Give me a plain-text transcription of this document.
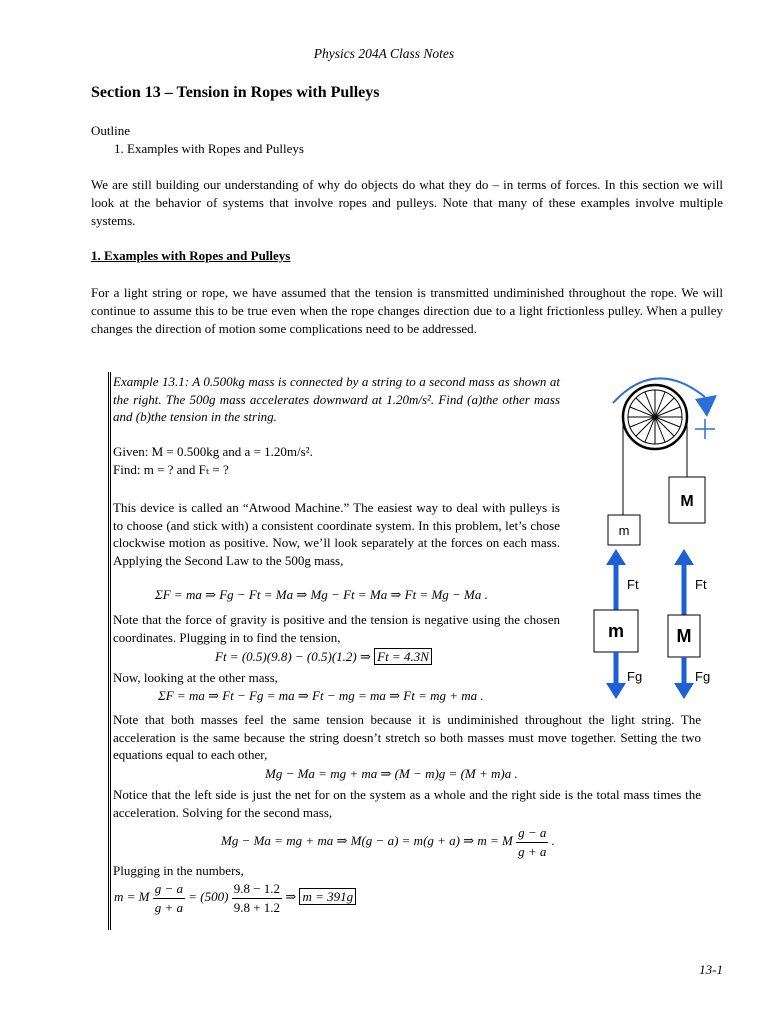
Physics 204A Class Notes
Section 13 – Tension in Ropes with Pulleys
Outline
1. Examples with Ropes and Pulleys
We are still building our understanding of why do objects do what they do – in terms of forces. In this section we will look at the behavior of systems that involve ropes and pulleys. Note that many of these examples involve multiple systems.
1. Examples with Ropes and Pulleys
For a light string or rope, we have assumed that the tension is transmitted undiminished throughout the rope. We will continue to assume this to be true even when the rope changes direction due to a light frictionless pulley. When a pulley changes the direction of motion some complications need to be addressed.
Example 13.1: A 0.500kg mass is connected by a string to a second mass as shown at the right. The 500g mass accelerates downward at 1.20m/s². Find (a)the other mass and (b)the tension in the string.
Given: M = 0.500kg and a = 1.20m/s².
Find: m = ? and Fₜ = ?
This device is called an “Atwood Machine.” The easiest way to deal with pulleys is to choose (and stick with) a consistent coordinate system. In this problem, let’s chose clockwise motion as positive. Now, we’ll look separately at the forces on each mass. Applying the Second Law to the 500g mass,
ΣF = ma ⇒ Fg − Ft = Ma ⇒ Mg − Ft = Ma ⇒ Ft = Mg − Ma .
Note that the force of gravity is positive and the tension is negative using the chosen coordinates. Plugging in to find the tension,
Ft = (0.5)(9.8) − (0.5)(1.2) ⇒ Ft = 4.3N
Now, looking at the other mass,
ΣF = ma ⇒ Ft − Fg = ma ⇒ Ft − mg = ma ⇒ Ft = mg + ma .
Note that both masses feel the same tension because it is undiminished throughout the light string. The acceleration is the same because the string doesn’t stretch so both masses must move together. Setting the two equations equal to each other,
Mg − Ma = mg + ma ⇒ (M − m)g = (M + m)a .
Notice that the left side is just the net for on the system as a whole and the right side is the total mass times the acceleration. Solving for the second mass,
Mg − Ma = mg + ma ⇒ M(g − a) = m(g + a) ⇒ m = M $\frac{g - a}{g + a}$ .
Plugging in the numbers,
m = M $\frac{g - a}{g + a} = (500) \frac{9.8 - 1.2}{9.8 + 1.2}$ ⇒ m = 391g
m
M
m
Ft
Fg
M
Ft
Fg
13-1
